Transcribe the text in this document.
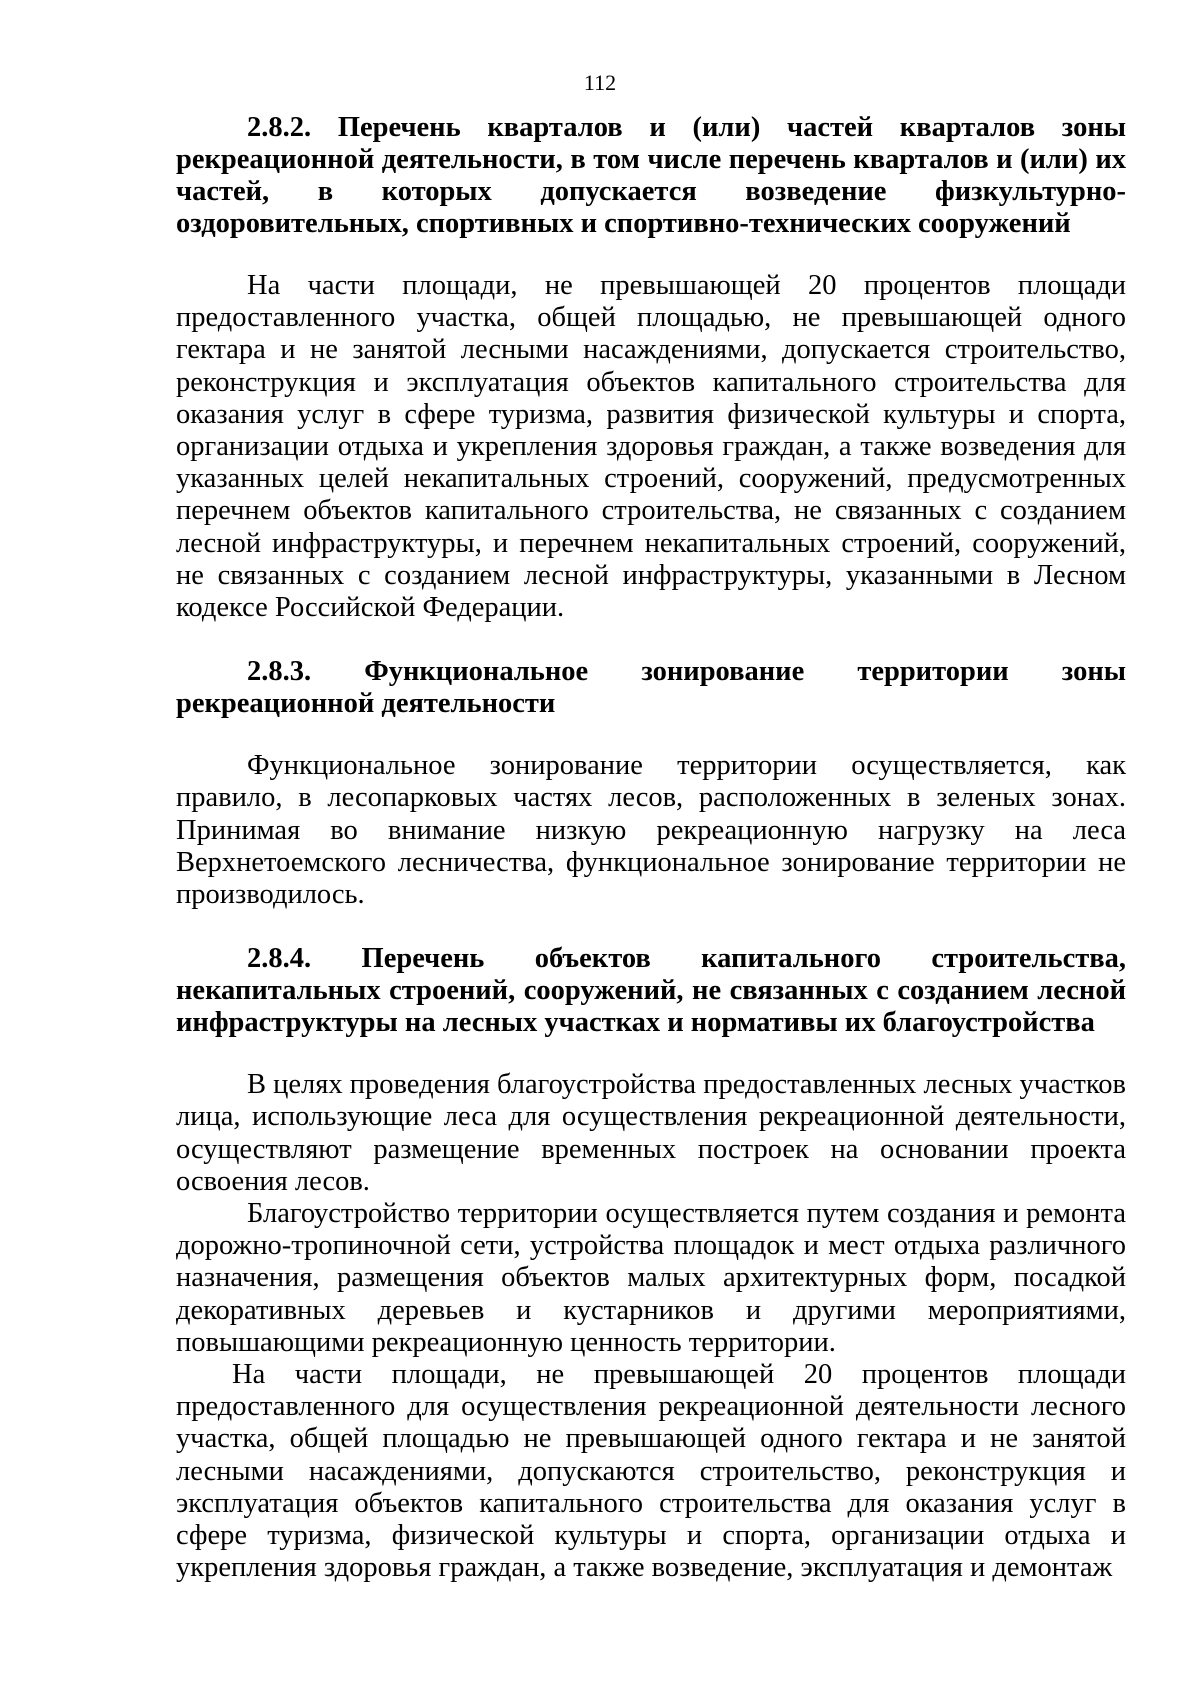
112

2.8.2. Перечень кварталов и (или) частей кварталов зоны рекреационной деятельности, в том числе перечень кварталов и (или) их частей, в которых допускается возведение физкультурно-оздоровительных, спортивных и спортивно-технических сооружений

На части площади, не превышающей 20 процентов площади предоставленного участка, общей площадью, не превышающей одного гектара и не занятой лесными насаждениями, допускается строительство, реконструкция и эксплуатация объектов капитального строительства для оказания услуг в сфере туризма, развития физической культуры и спорта, организации отдыха и укрепления здоровья граждан, а также возведения для указанных целей некапитальных строений, сооружений, предусмотренных перечнем объектов капитального строительства, не связанных с созданием лесной инфраструктуры, и перечнем некапитальных строений, сооружений, не связанных с созданием лесной инфраструктуры, указанными в Лесном кодексе Российской Федерации.

2.8.3. Функциональное зонирование территории зоны рекреационной деятельности

Функциональное зонирование территории осуществляется, как правило, в лесопарковых частях лесов, расположенных в зеленых зонах. Принимая во внимание низкую рекреационную нагрузку на леса Верхнетоемского лесничества, функциональное зонирование территории не производилось.

2.8.4. Перечень объектов капитального строительства, некапитальных строений, сооружений, не связанных с созданием лесной инфраструктуры на лесных участках и нормативы их благоустройства

В целях проведения благоустройства предоставленных лесных участков лица, использующие леса для осуществления рекреационной деятельности, осуществляют размещение временных построек на основании проекта освоения лесов.

Благоустройство территории осуществляется путем создания и ремонта дорожно-тропиночной сети, устройства площадок и мест отдыха различного назначения, размещения объектов малых архитектурных форм, посадкой декоративных деревьев и кустарников и другими мероприятиями, повышающими рекреационную ценность территории.

На части площади, не превышающей 20 процентов площади предоставленного для осуществления рекреационной деятельности лесного участка, общей площадью не превышающей одного гектара и не занятой лесными насаждениями, допускаются строительство, реконструкция и эксплуатация объектов капитального строительства для оказания услуг в сфере туризма, физической культуры и спорта, организации отдыха и укрепления здоровья граждан, а также возведение, эксплуатация и демонтаж
